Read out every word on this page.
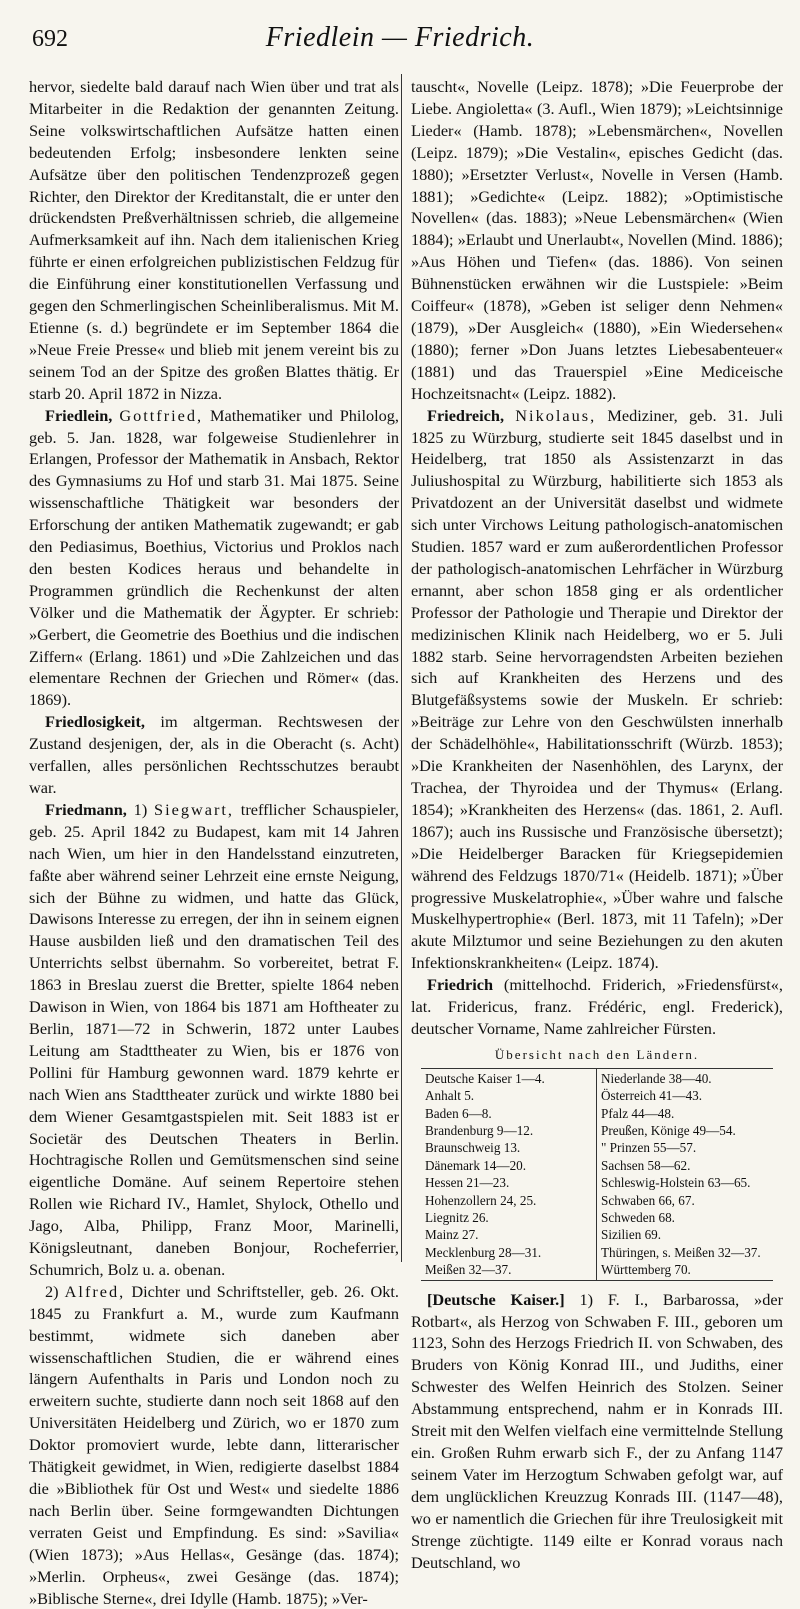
692	Friedlein — Friedrich.

hervor, siedelte bald darauf nach Wien über und trat als Mitarbeiter in die Redaktion der genannten Zeitung. Seine volkswirtschaftlichen Aufsätze hatten einen bedeutenden Erfolg; insbesondere lenkten seine Aufsätze über den politischen Tendenzprozeß gegen Richter, den Direktor der Kreditanstalt, die er unter den drückendsten Preßverhältnissen schrieb, die allgemeine Aufmerksamkeit auf ihn. Nach dem italienischen Krieg führte er einen erfolgreichen publizistischen Feldzug für die Einführung einer konstitutionellen Verfassung und gegen den Schmerlingischen Scheinliberalismus. Mit M. Etienne (s. d.) begründete er im September 1864 die »Neue Freie Presse« und blieb mit jenem vereint bis zu seinem Tod an der Spitze des großen Blattes thätig. Er starb 20. April 1872 in Nizza.

Friedlein, Gottfried, Mathematiker und Philolog, geb. 5. Jan. 1828, war folgeweise Studienlehrer in Erlangen, Professor der Mathematik in Ansbach, Rektor des Gymnasiums zu Hof und starb 31. Mai 1875. Seine wissenschaftliche Thätigkeit war besonders der Erforschung der antiken Mathematik zugewandt; er gab den Pediasimus, Boethius, Victorius und Proklos nach den besten Kodices heraus und behandelte in Programmen gründlich die Rechenkunst der alten Völker und die Mathematik der Ägypter. Er schrieb: »Gerbert, die Geometrie des Boethius und die indischen Ziffern« (Erlang. 1861) und »Die Zahlzeichen und das elementare Rechnen der Griechen und Römer« (das. 1869).

Friedlosigkeit, im altgerman. Rechtswesen der Zustand desjenigen, der, als in die Oberacht (s. Acht) verfallen, alles persönlichen Rechtsschutzes beraubt war.

Friedmann, 1) Siegwart, trefflicher Schauspieler, geb. 25. April 1842 zu Budapest, kam mit 14 Jahren nach Wien, um hier in den Handelsstand einzutreten, faßte aber während seiner Lehrzeit eine ernste Neigung, sich der Bühne zu widmen, und hatte das Glück, Dawisons Interesse zu erregen, der ihn in seinem eignen Hause ausbilden ließ und den dramatischen Teil des Unterrichts selbst übernahm. So vorbereitet, betrat F. 1863 in Breslau zuerst die Bretter, spielte 1864 neben Dawison in Wien, von 1864 bis 1871 am Hoftheater zu Berlin, 1871—72 in Schwerin, 1872 unter Laubes Leitung am Stadttheater zu Wien, bis er 1876 von Pollini für Hamburg gewonnen ward. 1879 kehrte er nach Wien ans Stadttheater zurück und wirkte 1880 bei dem Wiener Gesamtgastspielen mit. Seit 1883 ist er Societär des Deutschen Theaters in Berlin. Hochtragische Rollen und Gemütsmenschen sind seine eigentliche Domäne. Auf seinem Repertoire stehen Rollen wie Richard IV., Hamlet, Shylock, Othello und Jago, Alba, Philipp, Franz Moor, Marinelli, Königsleutnant, daneben Bonjour, Rocheferrier, Schumrich, Bolz u. a. obenan.

2) Alfred, Dichter und Schriftsteller, geb. 26. Okt. 1845 zu Frankfurt a. M., wurde zum Kaufmann bestimmt, widmete sich daneben aber wissenschaftlichen Studien, die er während eines längern Aufenthalts in Paris und London noch zu erweitern suchte, studierte dann noch seit 1868 auf den Universitäten Heidelberg und Zürich, wo er 1870 zum Doktor promoviert wurde, lebte dann, litterarischer Thätigkeit gewidmet, in Wien, redigierte daselbst 1884 die »Bibliothek für Ost und West« und siedelte 1886 nach Berlin über. Seine formgewandten Dichtungen verraten Geist und Empfindung. Es sind: »Savilia« (Wien 1873); »Aus Hellas«, Gesänge (das. 1874); »Merlin. Orpheus«, zwei Gesänge (das. 1874); »Biblische Sterne«, drei Idylle (Hamb. 1875); »Ver-

tauscht«, Novelle (Leipz. 1878); »Die Feuerprobe der Liebe. Angioletta« (3. Aufl., Wien 1879); »Leichtsinnige Lieder« (Hamb. 1878); »Lebensmärchen«, Novellen (Leipz. 1879); »Die Vestalin«, episches Gedicht (das. 1880); »Ersetzter Verlust«, Novelle in Versen (Hamb. 1881); »Gedichte« (Leipz. 1882); »Optimistische Novellen« (das. 1883); »Neue Lebensmärchen« (Wien 1884); »Erlaubt und Unerlaubt«, Novellen (Mind. 1886); »Aus Höhen und Tiefen« (das. 1886). Von seinen Bühnenstücken erwähnen wir die Lustspiele: »Beim Coiffeur« (1878), »Geben ist seliger denn Nehmen« (1879), »Der Ausgleich« (1880), »Ein Wiedersehen« (1880); ferner »Don Juans letztes Liebesabenteuer« (1881) und das Trauerspiel »Eine Mediceische Hochzeitsnacht« (Leipz. 1882).

Friedreich, Nikolaus, Mediziner, geb. 31. Juli 1825 zu Würzburg, studierte seit 1845 daselbst und in Heidelberg, trat 1850 als Assistenzarzt in das Juliushospital zu Würzburg, habilitierte sich 1853 als Privatdozent an der Universität daselbst und widmete sich unter Virchows Leitung pathologisch-anatomischen Studien. 1857 ward er zum außerordentlichen Professor der pathologisch-anatomischen Lehrfächer in Würzburg ernannt, aber schon 1858 ging er als ordentlicher Professor der Pathologie und Therapie und Direktor der medizinischen Klinik nach Heidelberg, wo er 5. Juli 1882 starb. Seine hervorragendsten Arbeiten beziehen sich auf Krankheiten des Herzens und des Blutgefäßsystems sowie der Muskeln. Er schrieb: »Beiträge zur Lehre von den Geschwülsten innerhalb der Schädelhöhle«, Habilitationsschrift (Würzb. 1853); »Die Krankheiten der Nasenhöhlen, des Larynx, der Trachea, der Thyroidea und der Thymus« (Erlang. 1854); »Krankheiten des Herzens« (das. 1861, 2. Aufl. 1867); auch ins Russische und Französische übersetzt); »Die Heidelberger Baracken für Kriegsepidemien während des Feldzugs 1870/71« (Heidelb. 1871); »Über progressive Muskelatrophie«, »Über wahre und falsche Muskelhypertrophie« (Berl. 1873, mit 11 Tafeln); »Der akute Milztumor und seine Beziehungen zu den akuten Infektionskrankheiten« (Leipz. 1874).

Friedrich (mittelhochd. Friderich, »Friedensfürst«, lat. Fridericus, franz. Frédéric, engl. Frederick), deutscher Vorname, Name zahlreicher Fürsten.

Übersicht nach den Ländern.
Deutsche Kaiser 1—4.
Anhalt 5.
Baden 6—8.
Brandenburg 9—12.
Braunschweig 13.
Dänemark 14—20.
Hessen 21—23.
Hohenzollern 24, 25.
Liegnitz 26.
Mainz 27.
Mecklenburg 28—31.
Meißen 32—37.
Niederlande 38—40.
Österreich 41—43.
Pfalz 44—48.
Preußen, Könige 49—54.
" Prinzen 55—57.
Sachsen 58—62.
Schleswig-Holstein 63—65.
Schwaben 66, 67.
Schweden 68.
Sizilien 69.
Thüringen, s. Meißen 32—37.
Württemberg 70.

[Deutsche Kaiser.] 1) F. I., Barbarossa, »der Rotbart«, als Herzog von Schwaben F. III., geboren um 1123, Sohn des Herzogs Friedrich II. von Schwaben, des Bruders von König Konrad III., und Judiths, einer Schwester des Welfen Heinrich des Stolzen. Seiner Abstammung entsprechend, nahm er in Konrads III. Streit mit den Welfen vielfach eine vermittelnde Stellung ein. Großen Ruhm erwarb sich F., der zu Anfang 1147 seinem Vater im Herzogtum Schwaben gefolgt war, auf dem unglücklichen Kreuzzug Konrads III. (1147—48), wo er namentlich die Griechen für ihre Treulosigkeit mit Strenge züchtigte. 1149 eilte er Konrad voraus nach Deutschland, wo
